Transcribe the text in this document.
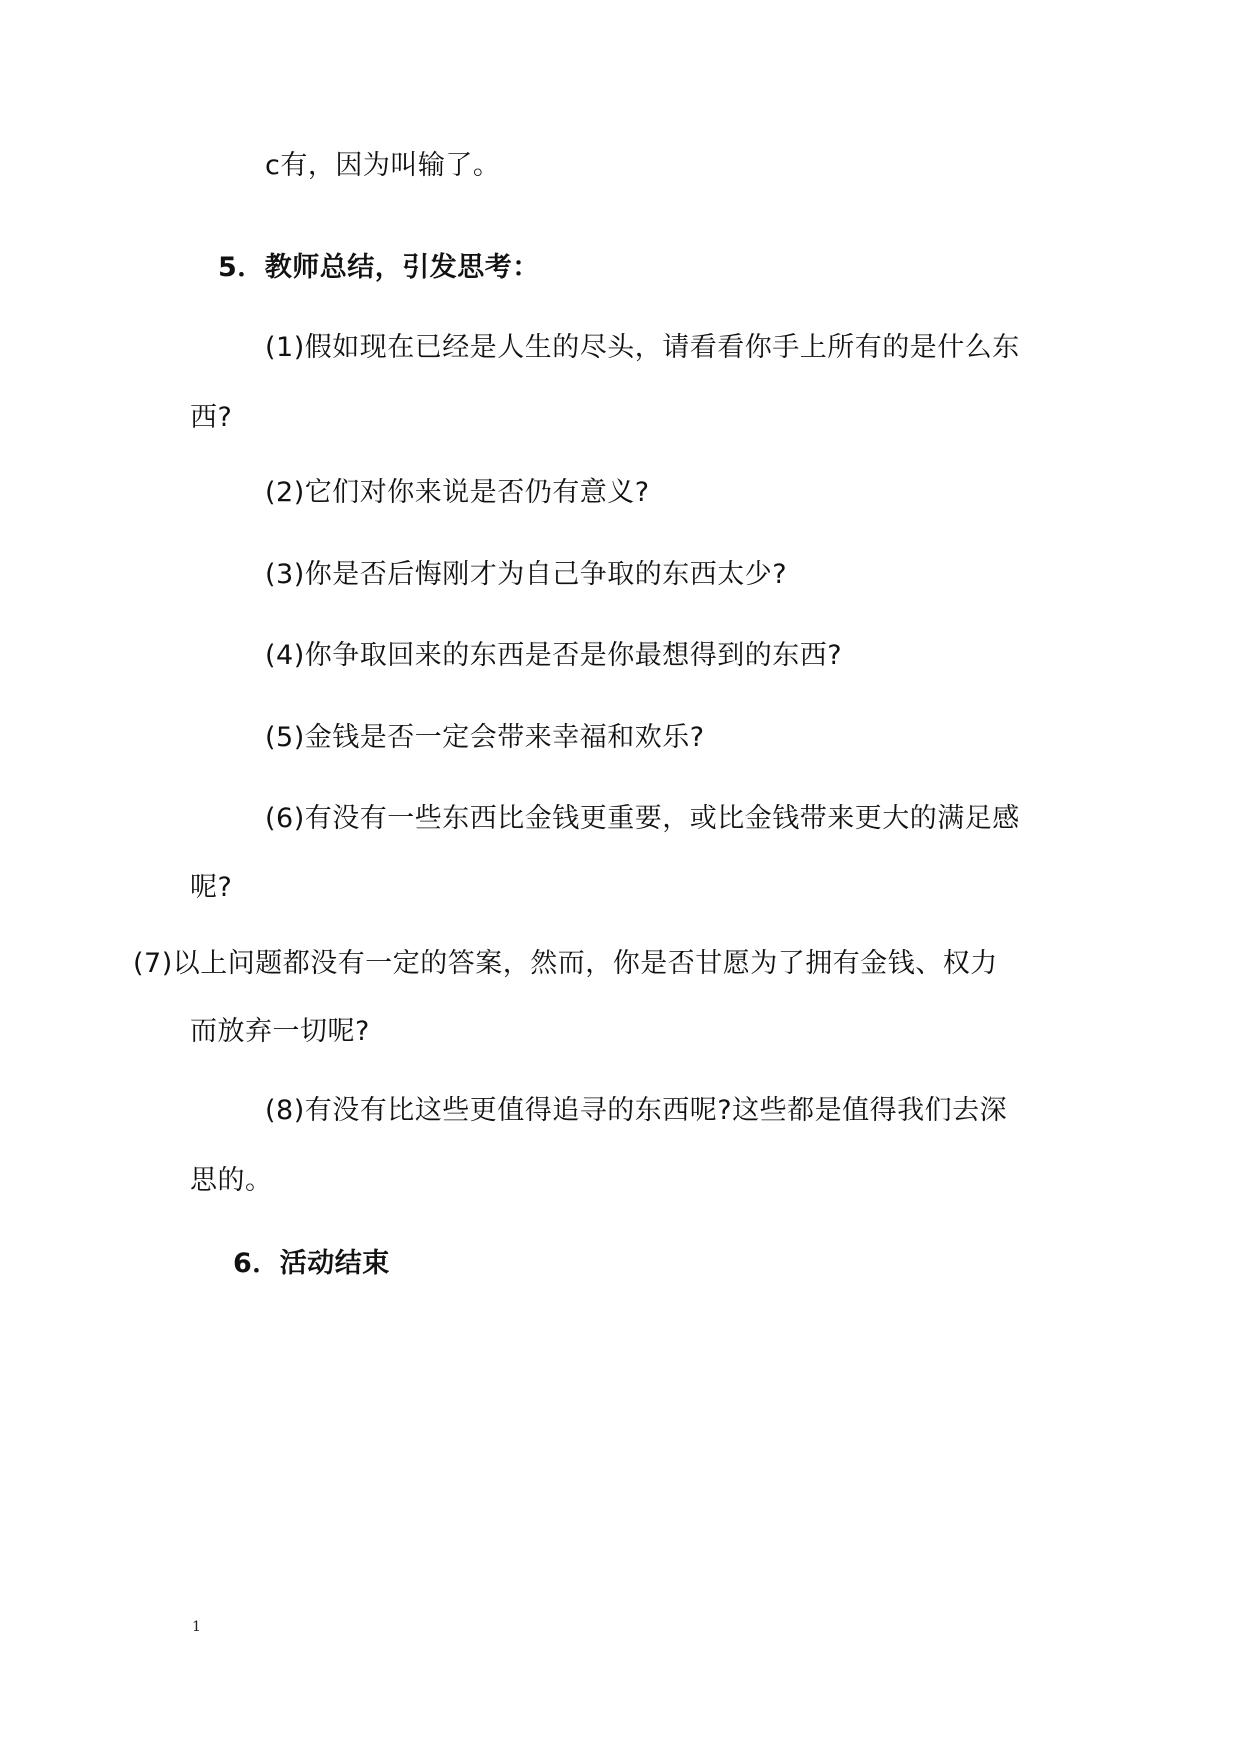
c有，因为叫输了。
5．教师总结，引发思考：
(1)假如现在已经是人生的尽头，请看看你手上所有的是什么东
西?
(2)它们对你来说是否仍有意义?
(3)你是否后悔刚才为自己争取的东西太少?
(4)你争取回来的东西是否是你最想得到的东西?
(5)金钱是否一定会带来幸福和欢乐?
(6)有没有一些东西比金钱更重要，或比金钱带来更大的满足感
呢?
(7)以上问题都没有一定的答案，然而，你是否甘愿为了拥有金钱、权力
而放弃一切呢?
(8)有没有比这些更值得追寻的东西呢?这些都是值得我们去深
思的。
6．活动结束
1
